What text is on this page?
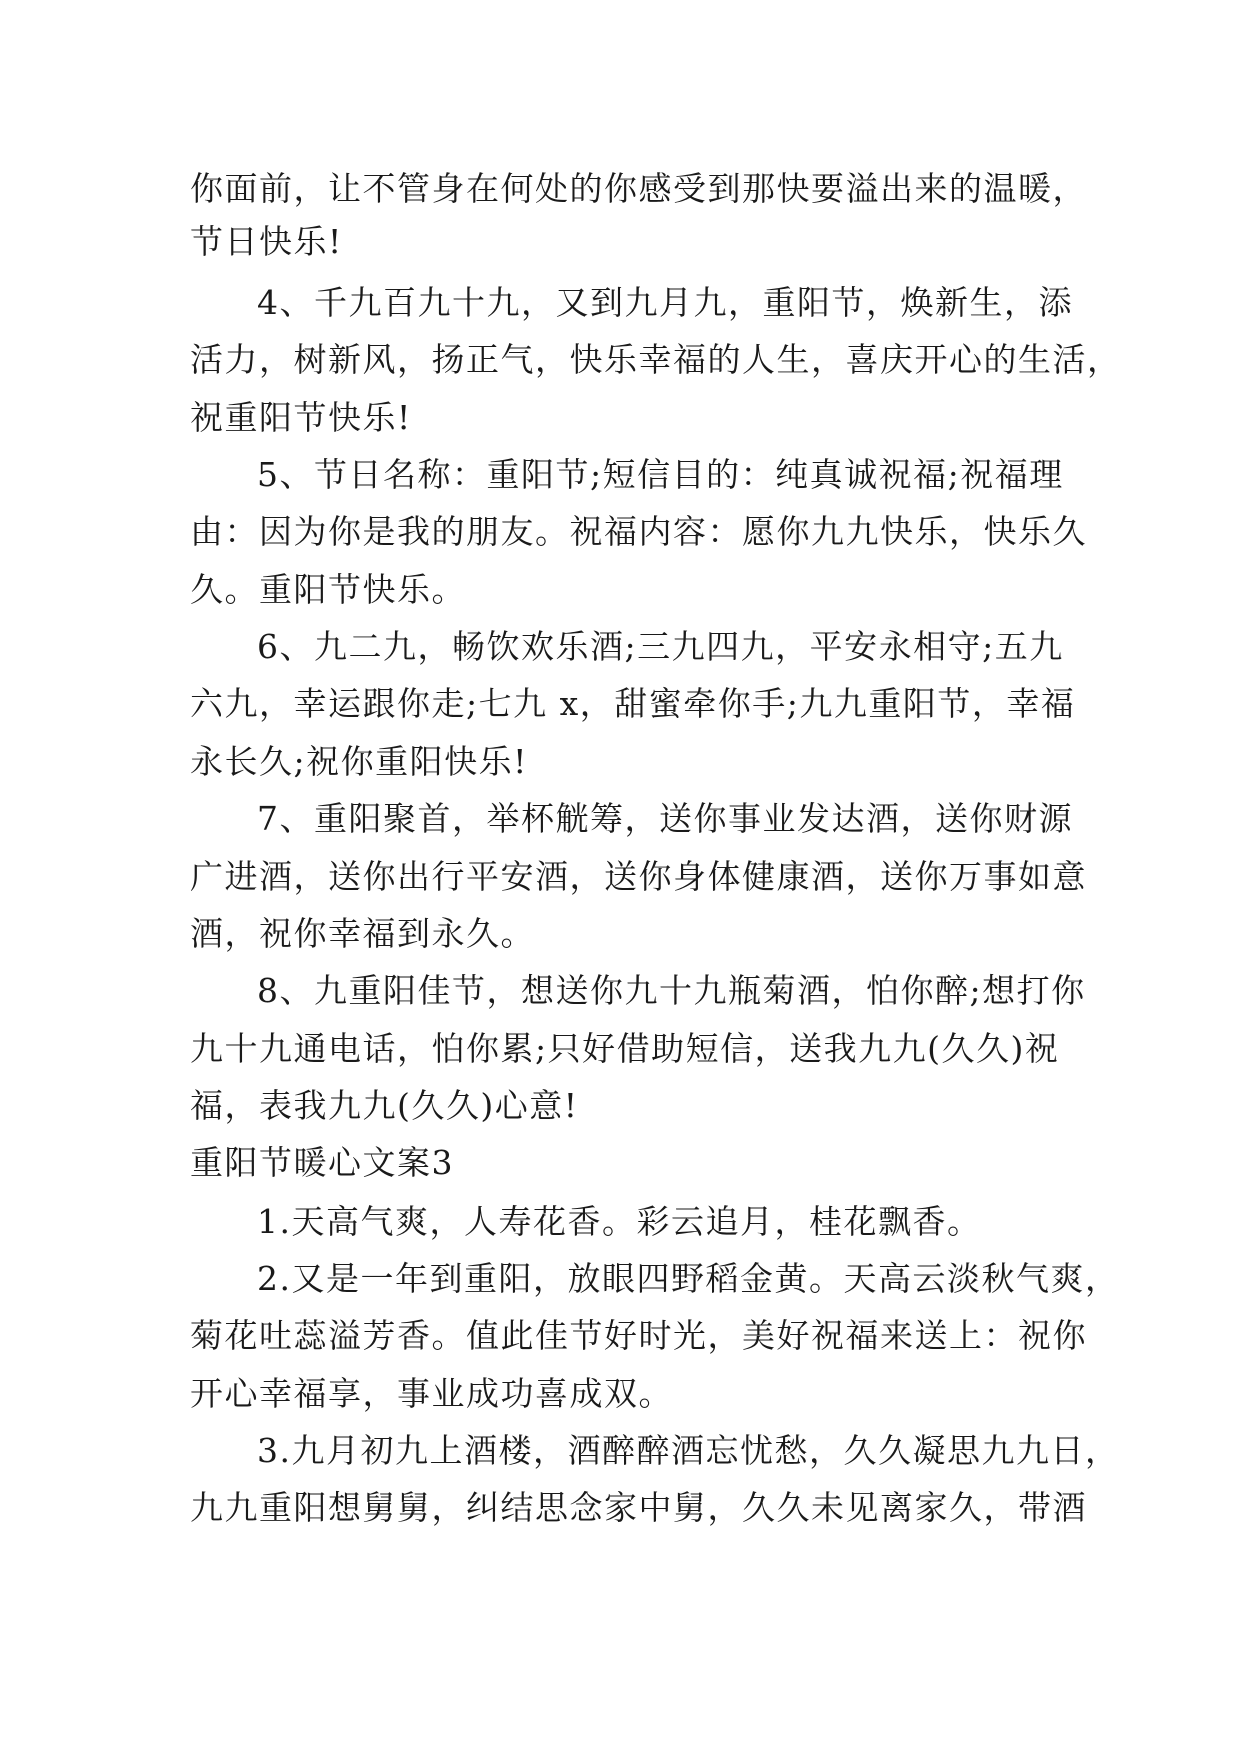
你面前，让不管身在何处的你感受到那快要溢出来的温暖，
节日快乐!
4、千九百九十九，又到九月九，重阳节，焕新生，添
活力，树新风，扬正气，快乐幸福的人生，喜庆开心的生活，
祝重阳节快乐!
5、节日名称：重阳节;短信目的：纯真诚祝福;祝福理
由：因为你是我的朋友。祝福内容：愿你九九快乐，快乐久
久。重阳节快乐。
6、九二九，畅饮欢乐酒;三九四九，平安永相守;五九
六九，幸运跟你走;七九 x，甜蜜牵你手;九九重阳节，幸福
永长久;祝你重阳快乐!
7、重阳聚首，举杯觥筹，送你事业发达酒，送你财源
广进酒，送你出行平安酒，送你身体健康酒，送你万事如意
酒，祝你幸福到永久。
8、九重阳佳节，想送你九十九瓶菊酒，怕你醉;想打你
九十九通电话，怕你累;只好借助短信，送我九九(久久)祝
福，表我九九(久久)心意!
重阳节暖心文案3
1.天高气爽，人寿花香。彩云追月，桂花飘香。
2.又是一年到重阳，放眼四野稻金黄。天高云淡秋气爽，
菊花吐蕊溢芳香。值此佳节好时光，美好祝福来送上：祝你
开心幸福享，事业成功喜成双。
3.九月初九上酒楼，酒醉醉酒忘忧愁，久久凝思九九日，
九九重阳想舅舅，纠结思念家中舅，久久未见离家久，带酒
